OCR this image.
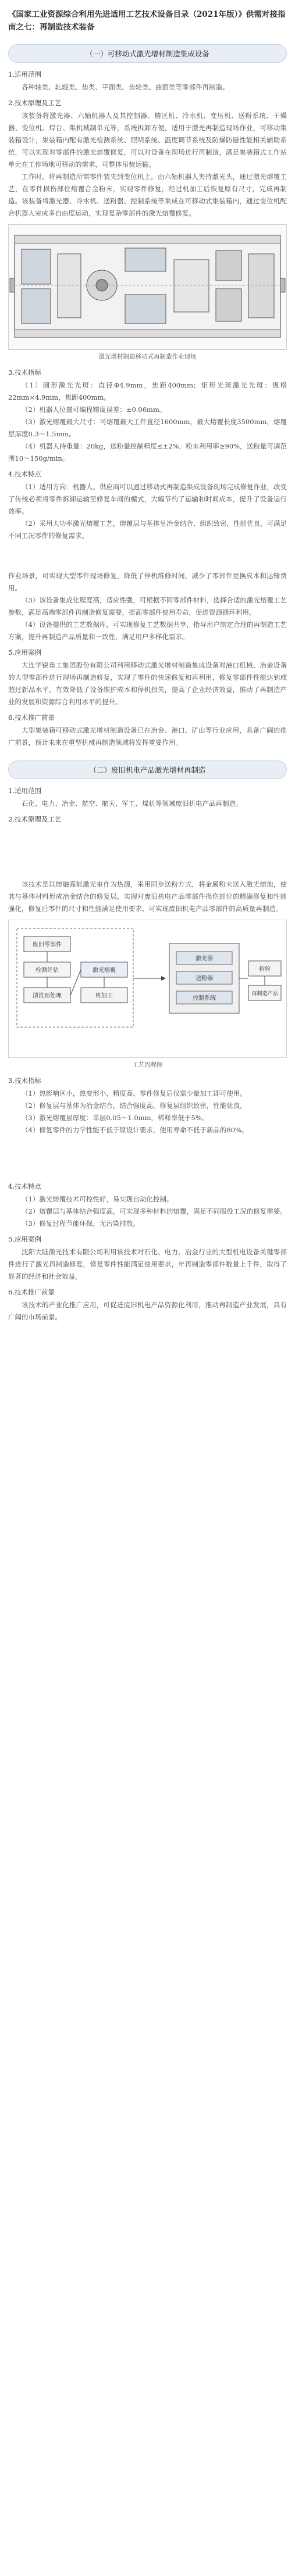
《国家工业资源综合利用先进适用工艺技术设备目录（2021年版）》供需对接指南之七：再制造技术装备
（一）可移动式激光增材制造集成设备
1.适用范围
各种轴类、轧辊类、齿类、平面类、齿轮类、曲面类等零部件再制造。
2.技术原理及工艺
该装备将激光器、六轴机器人及其控制器、精区机、冷水机、变压机、送粉系统、干燥器、变位机、焊台、集机械制单元等，系统拆卸方便，适用于激光再制造现场作业，可移动集装箱设计，集装箱内配有激光检测系统、照明系统、温度调节系统及防爆防磁性能相关辅助系统，可以实现对零部件的激光熔覆修复，可以对设备在现场进行再制造，满足集装箱式工作站单元在工作场地可移动的需求，可整体吊装运输。
工作时，将再制造所需零件装夹到变位机上，由六轴机器人夹持激光头，通过激光熔覆工艺，在零件损伤部位熔覆合金粉末，实现零件修复，经过机加工后恢复原有尺寸，完成再制造。该装备将激光器、冷水机、送粉器、控制系统等集成在可移动式集装箱内，通过变位机配合机器人完成多自由度运动，实现复杂零部件的激光熔覆修复。
激光增材制造移动式再制造作业现场
3.技术指标
（1）圆形激光光斑：直径Φ4.9mm，焦距400mm；矩形光斑激光光斑：规格22mm×4.9mm，焦距400mm。
（2）机器人位置可编程精度误差：±0.06mm。
（3）激光熔覆最大尺寸：可熔覆最大工件直径1600mm，最大熔覆长度3500mm，熔覆层厚度0.3～1.5mm。
（4）机器人持重量：20kg，送粉量控制精度≤±2%，粉末利用率≥90%，送粉量可调范围10～150g/min。
4.技术特点
（1）适用方向：机器人、供应商可以通过移动式再制造集成设备现场完成修复作业，改变了传统必须将零件拆卸运输至修复车间的模式，大幅节约了运输和时间成本，提升了设备运行效率。
（2）采用大功率激光熔覆工艺，熔覆层与基体呈冶金结合，组织致密，性能优良，可满足不同工况零件的修复需求。
作业场景，可实现大型零件现场修复，降低了停机维修时间，减少了零部件更换成本和运输费用。
（3）该设备集成化程度高，适应性强，可根据不同零部件材料，选择合适的激光熔覆工艺参数，满足高端零部件再制造修复需要，提高零部件使用寿命，促进资源循环利用。
（4）设备提供的工艺数据库，可实现修复工艺数据共享，指导用户制定合理的再制造工艺方案，提升再制造产品质量和一致性，满足用户多样化需求。
5.应用案例
大连华锐重工集团股份有限公司利用移动式激光增材制造集成设备对港口机械、冶金设备的大型零部件进行现场再制造修复，实现了零件的快速修复和再利用，修复零部件性能达到或超过新品水平，有效降低了设备维护成本和停机损失，提高了企业经济效益，推动了再制造产业的发展和资源综合利用水平的提升。
6.技术推广前景
大型集装箱可移动式激光增材制造设备已在冶金、港口、矿山等行业应用，具备广阔的推广前景，预计未来在重型机械再制造领域将发挥重要作用。
（二）废旧机电产品激光增材再制造
1.适用范围
石化、电力、冶金、航空、航天、军工、煤机等领域废旧机电产品再制造。
2.技术原理及工艺
该技术是以熔融高能激光束作为热源，采用同步送粉方式，将金属粉末送入激光熔池，使其与基体材料形成冶金结合的修复层，实现对废旧机电产品零部件损伤部位的精确修复和性能强化，修复后零件的尺寸和性能满足使用要求，可实现废旧机电产品零部件的高质量再制造。
废旧零部件
检测评估
清洗预处理
激光熔覆
机加工
激光器
送粉器
控制系统
检验
再制造产品
工艺流程图
3.技术指标
（1）热影响区小，热变形小，精度高，零件修复后仅需少量加工即可使用。
（2）修复层与基体为冶金结合，结合强度高，修复层组织致密，性能优良。
（3）激光熔覆层厚度：单层0.05～1.0mm，稀释率低于5%。
（4）修复零件的力学性能不低于原设计要求，使用寿命不低于新品的80%。
4.技术特点
（1）激光熔覆技术可控性好，易实现自动化控制。
（2）熔覆层与基体结合强度高，可实现多种材料的熔覆，满足不同服役工况的修复需要。
（3）修复过程节能环保，无污染排放。
5.应用案例
沈阳大陆激光技术有限公司利用该技术对石化、电力、冶金行业的大型机电设备关键零部件进行了激光再制造修复，修复零件性能满足使用要求，年再制造零部件数量上千件，取得了显著的经济和社会效益。
6.技术推广前景
该技术的产业化推广应用，可促进废旧机电产品资源化利用，推动再制造产业发展，具有广阔的市场前景。
